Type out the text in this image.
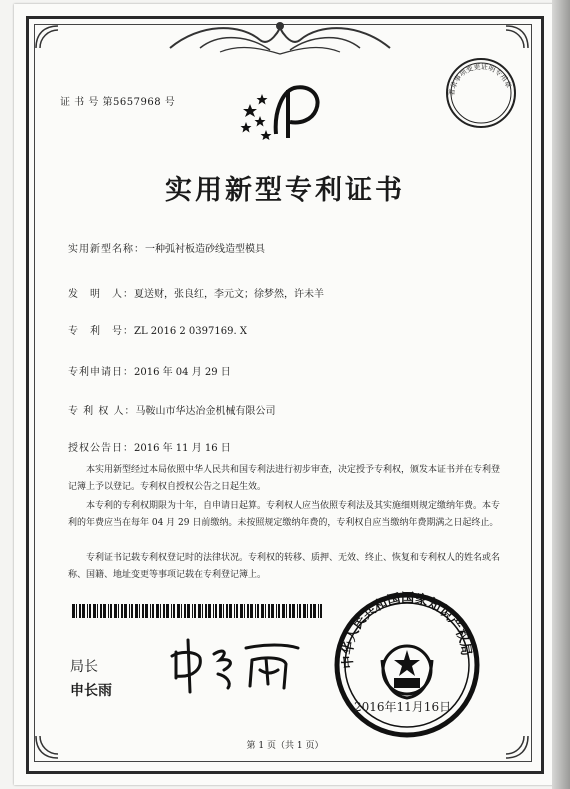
证 书 号 第5657968 号
实用新型专利证书
实用新型名称：一种弧衬板造砂线造型模具
发　明　人：夏送财，张良红，李元文；徐梦然，许未羊
专　利　号：ZL 2016 2 0397169. X
专利申请日：2016 年 04 月 29 日
专 利 权 人：马鞍山市华达冶金机械有限公司
授权公告日：2016 年 11 月 16 日
本实用新型经过本局依照中华人民共和国专利法进行初步审查，决定授予专利权，颁发本证书并在专利登记簿上予以登记。专利权自授权公告之日起生效。
本专利的专利权期限为十年，自申请日起算。专利权人应当依照专利法及其实施细则规定缴纳年费。本专利的年费应当在每年 04 月 29 日前缴纳。未按照规定缴纳年费的，专利权自应当缴纳年费期满之日起终止。
专利证书记载专利权登记时的法律状况。专利权的转移、质押、无效、终止、恢复和专利权人的姓名或名称、国籍、地址变更等事项记载在专利登记簿上。
局长
申长雨
中华人民共和国国家知识产权局
2016年11月16日
著录事项变更证明专用章
第 1 页（共 1 页）
